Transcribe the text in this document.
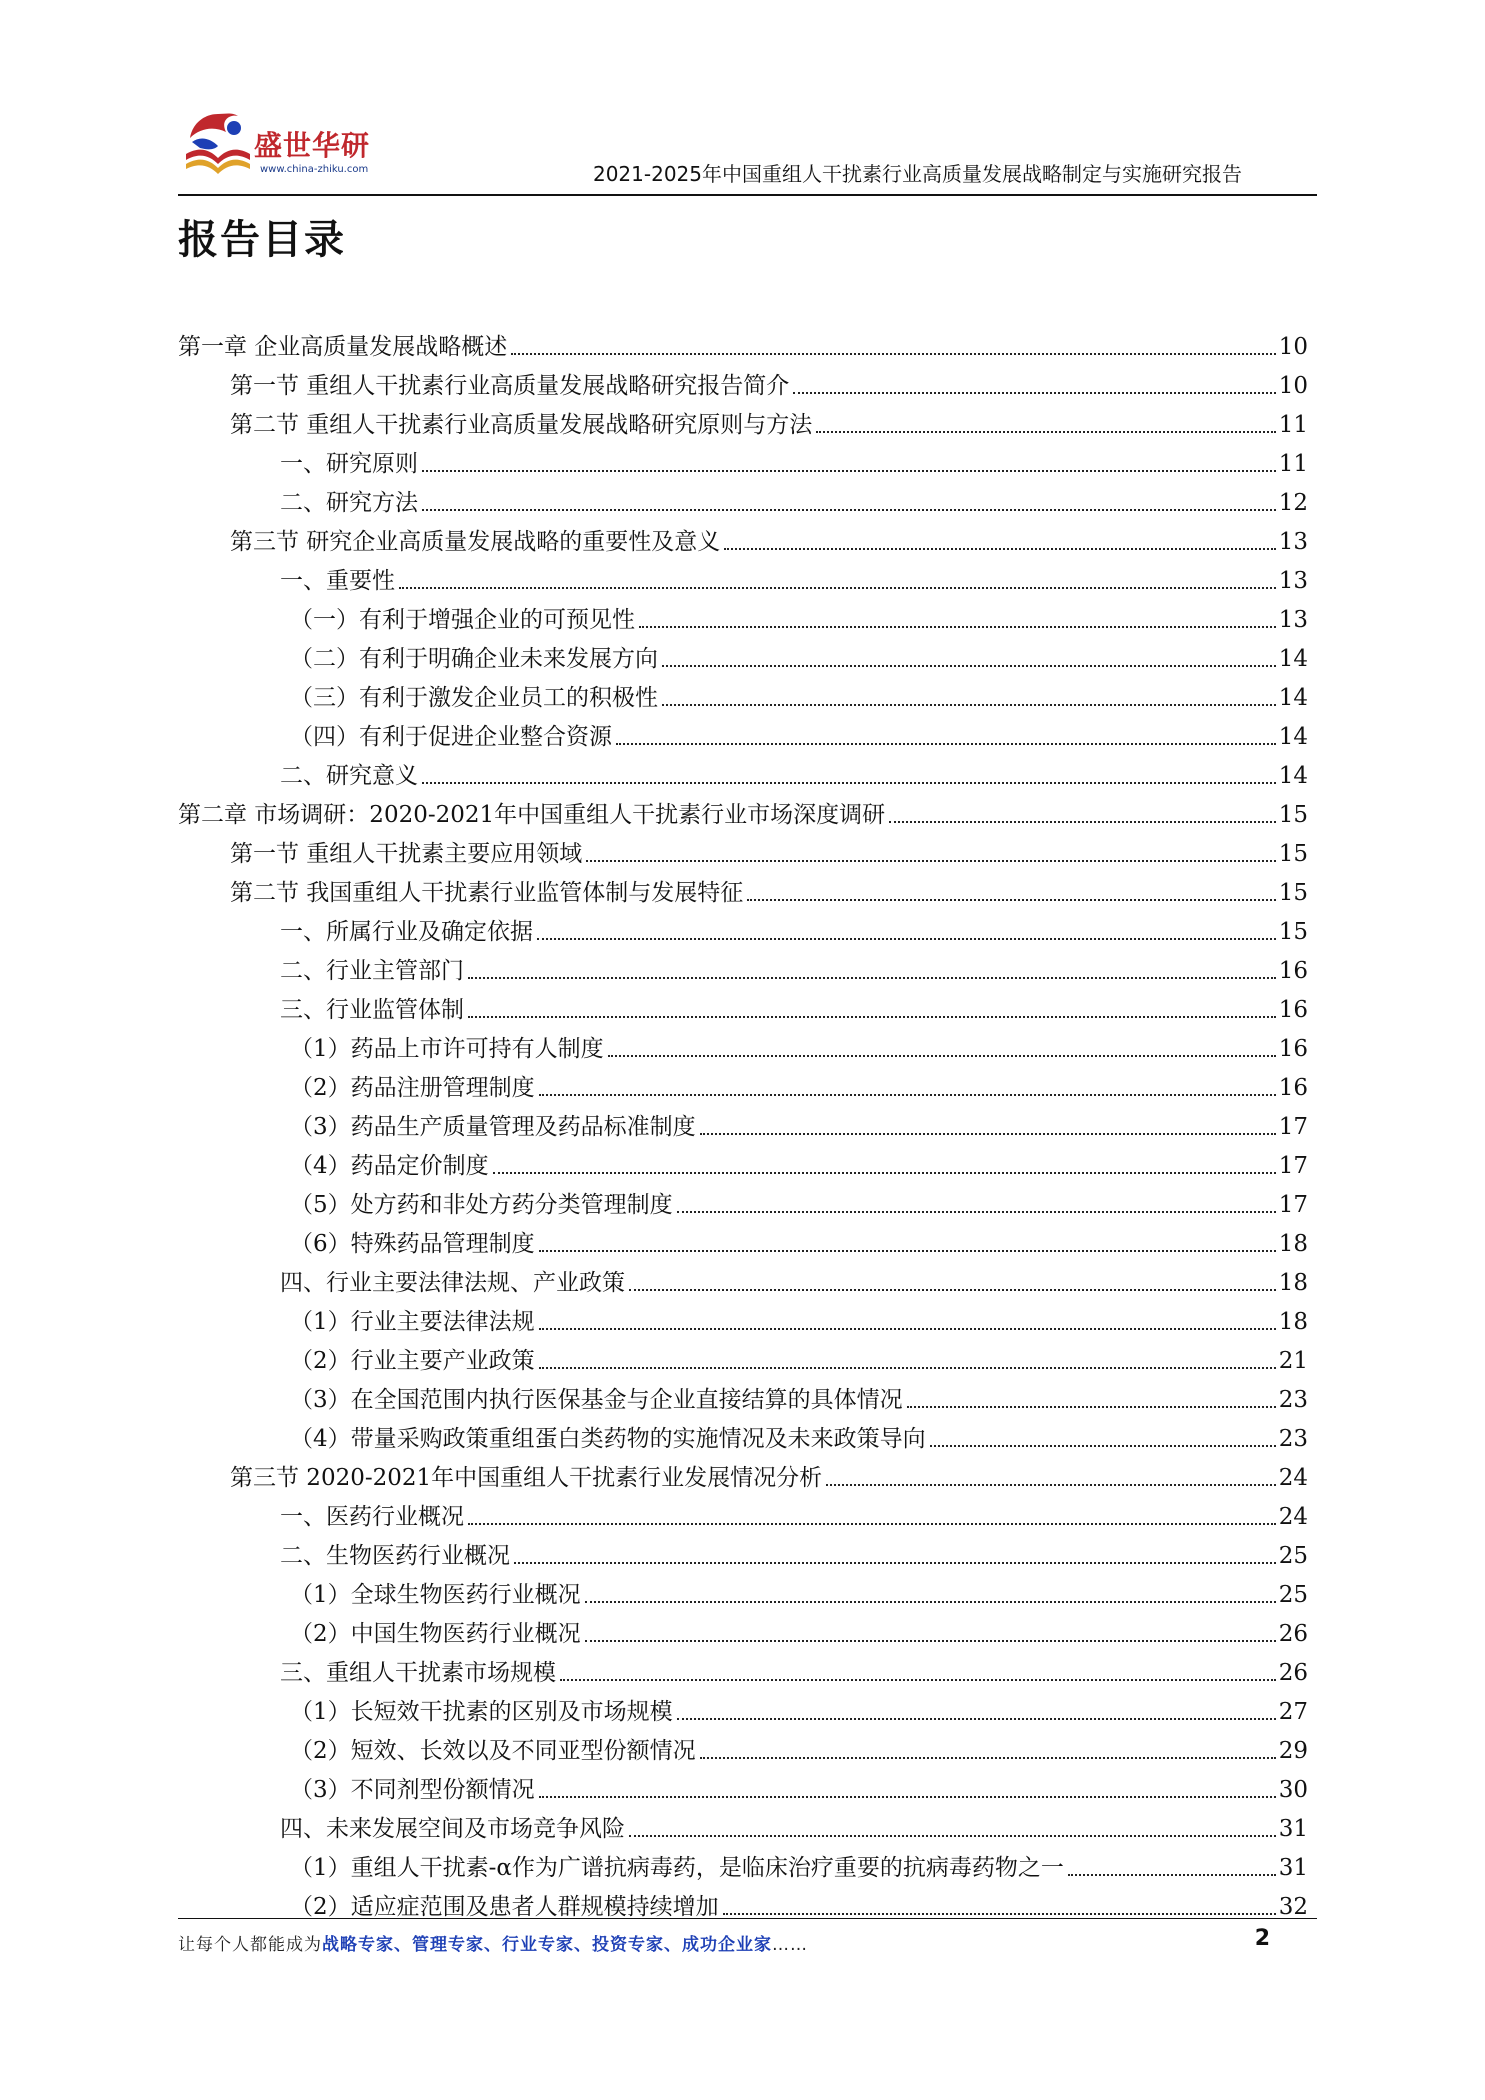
盛世华研
www.china-zhiku.com	2021-2025年中国重组人干扰素行业高质量发展战略制定与实施研究报告
报告目录
第一章 企业高质量发展战略概述	10
第一节 重组人干扰素行业高质量发展战略研究报告简介	10
第二节 重组人干扰素行业高质量发展战略研究原则与方法	11
一、研究原则	11
二、研究方法	12
第三节 研究企业高质量发展战略的重要性及意义	13
一、重要性	13
（一）有利于增强企业的可预见性	13
（二）有利于明确企业未来发展方向	14
（三）有利于激发企业员工的积极性	14
（四）有利于促进企业整合资源	14
二、研究意义	14
第二章 市场调研：2020-2021年中国重组人干扰素行业市场深度调研	15
第一节 重组人干扰素主要应用领域	15
第二节 我国重组人干扰素行业监管体制与发展特征	15
一、所属行业及确定依据	15
二、行业主管部门	16
三、行业监管体制	16
（1）药品上市许可持有人制度	16
（2）药品注册管理制度	16
（3）药品生产质量管理及药品标准制度	17
（4）药品定价制度	17
（5）处方药和非处方药分类管理制度	17
（6）特殊药品管理制度	18
四、行业主要法律法规、产业政策	18
（1）行业主要法律法规	18
（2）行业主要产业政策	21
（3）在全国范围内执行医保基金与企业直接结算的具体情况	23
（4）带量采购政策重组蛋白类药物的实施情况及未来政策导向	23
第三节 2020-2021年中国重组人干扰素行业发展情况分析	24
一、医药行业概况	24
二、生物医药行业概况	25
（1）全球生物医药行业概况	25
（2）中国生物医药行业概况	26
三、重组人干扰素市场规模	26
（1）长短效干扰素的区别及市场规模	27
（2）短效、长效以及不同亚型份额情况	29
（3）不同剂型份额情况	30
四、未来发展空间及市场竞争风险	31
（1）重组人干扰素-α作为广谱抗病毒药，是临床治疗重要的抗病毒药物之一	31
（2）适应症范围及患者人群规模持续增加	32
让每个人都能成为战略专家、管理专家、行业专家、投资专家、成功企业家……	2
